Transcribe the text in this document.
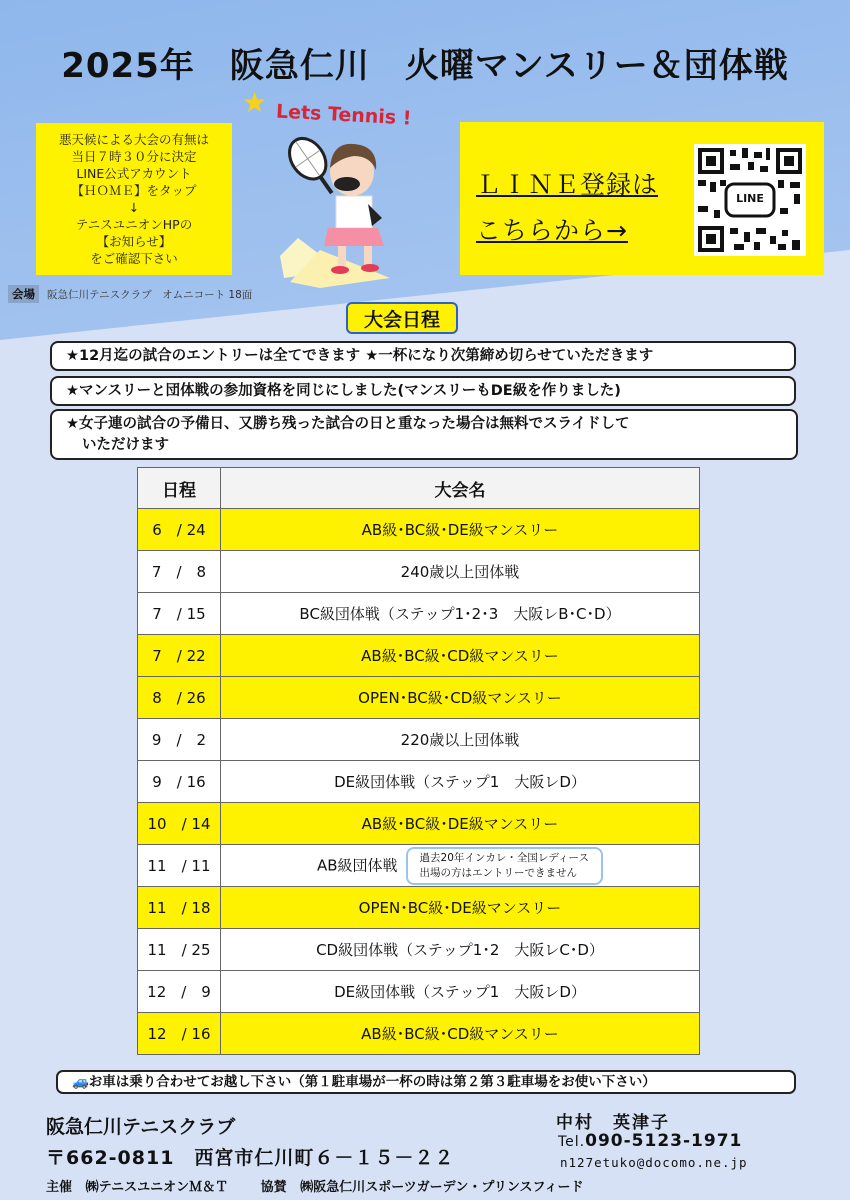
2025年　阪急仁川　火曜マンスリー＆団体戦
★ Lets Tennis !
悪天候による大会の有無は
当日７時３０分に決定
LINE公式アカウント
【ＨＯＭＥ】をタップ
↓
テニスユニオンHPの
【お知らせ】
をご確認下さい
ＬＩＮＥ登録は
こちらから→
LINE
会場 阪急仁川テニスクラブ　オムニコート 18面
大会日程
★12月迄の試合のエントリーは全てできます ★一杯になり次第締め切らせていただきます
★マンスリーと団体戦の参加資格を同じにしました(マンスリーもDE級を作りました)
★女子連の試合の予備日、又勝ち残った試合の日と重なった場合は無料でスライドして
いただけます
日程	大会名
6　/ 24	AB級･BC級･DE級マンスリー
7　/　8	240歳以上団体戦
7　/ 15	BC級団体戦（ステップ1･2･3　大阪レB･C･D）
7　/ 22	AB級･BC級･CD級マンスリー
8　/ 26	OPEN･BC級･CD級マンスリー
9　/　2	220歳以上団体戦
9　/ 16	DE級団体戦（ステップ1　大阪レD）
10　/ 14	AB級･BC級･DE級マンスリー
11　/ 11	AB級団体戦 過去20年インカレ・全国レディース
出場の方はエントリーできません
11　/ 18	OPEN･BC級･DE級マンスリー
11　/ 25	CD級団体戦（ステップ1･2　大阪レC･D）
12　/　9	DE級団体戦（ステップ1　大阪レD）
12　/ 16	AB級･BC級･CD級マンスリー
🚙お車は乗り合わせてお越し下さい（第１駐車場が一杯の時は第２第３駐車場をお使い下さい）
阪急仁川テニスクラブ
〒662-0811　西宮市仁川町６－１５－２２
主催 ㈱テニスユニオンＭ＆Ｔ	協賛 ㈱阪急仁川スポーツガーデン・プリンスフィード
中村　英津子
Tel.090-5123-1971
n127etuko@docomo.ne.jp
